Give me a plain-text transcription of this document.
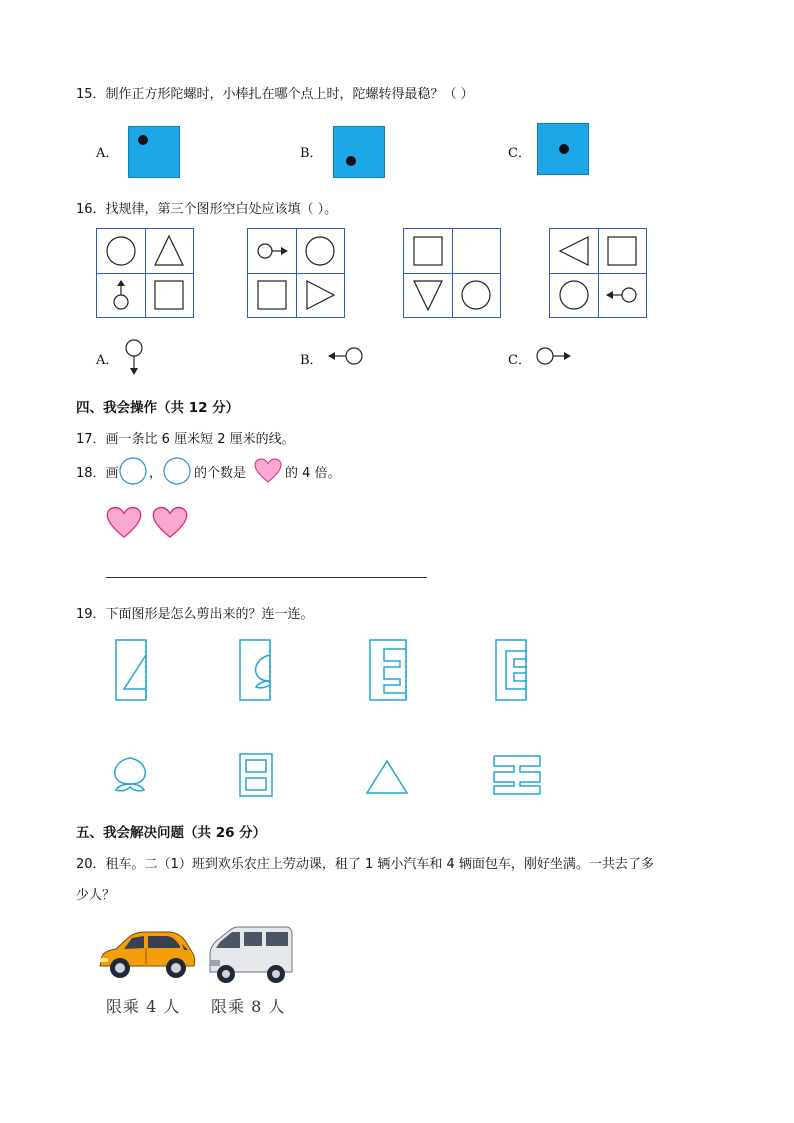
15．制作正方形陀螺时，小棒扎在哪个点上时，陀螺转得最稳？（ ）
A．	B．	C．
16．找规律，第三个图形空白处应该填（ ）。
A．	B．	C．
四、我会操作（共 12 分）
17．画一条比 6 厘米短 2 厘米的线。
18．画 ， 的个数是	的 4 倍。
19．下面图形是怎么剪出来的？连一连。
五、我会解决问题（共 26 分）
20．租车。二（1）班到欢乐农庄上劳动课，租了 1 辆小汽车和 4 辆面包车，刚好坐满。一共去了多
少人？
限乘 4 人 限乘 8 人
